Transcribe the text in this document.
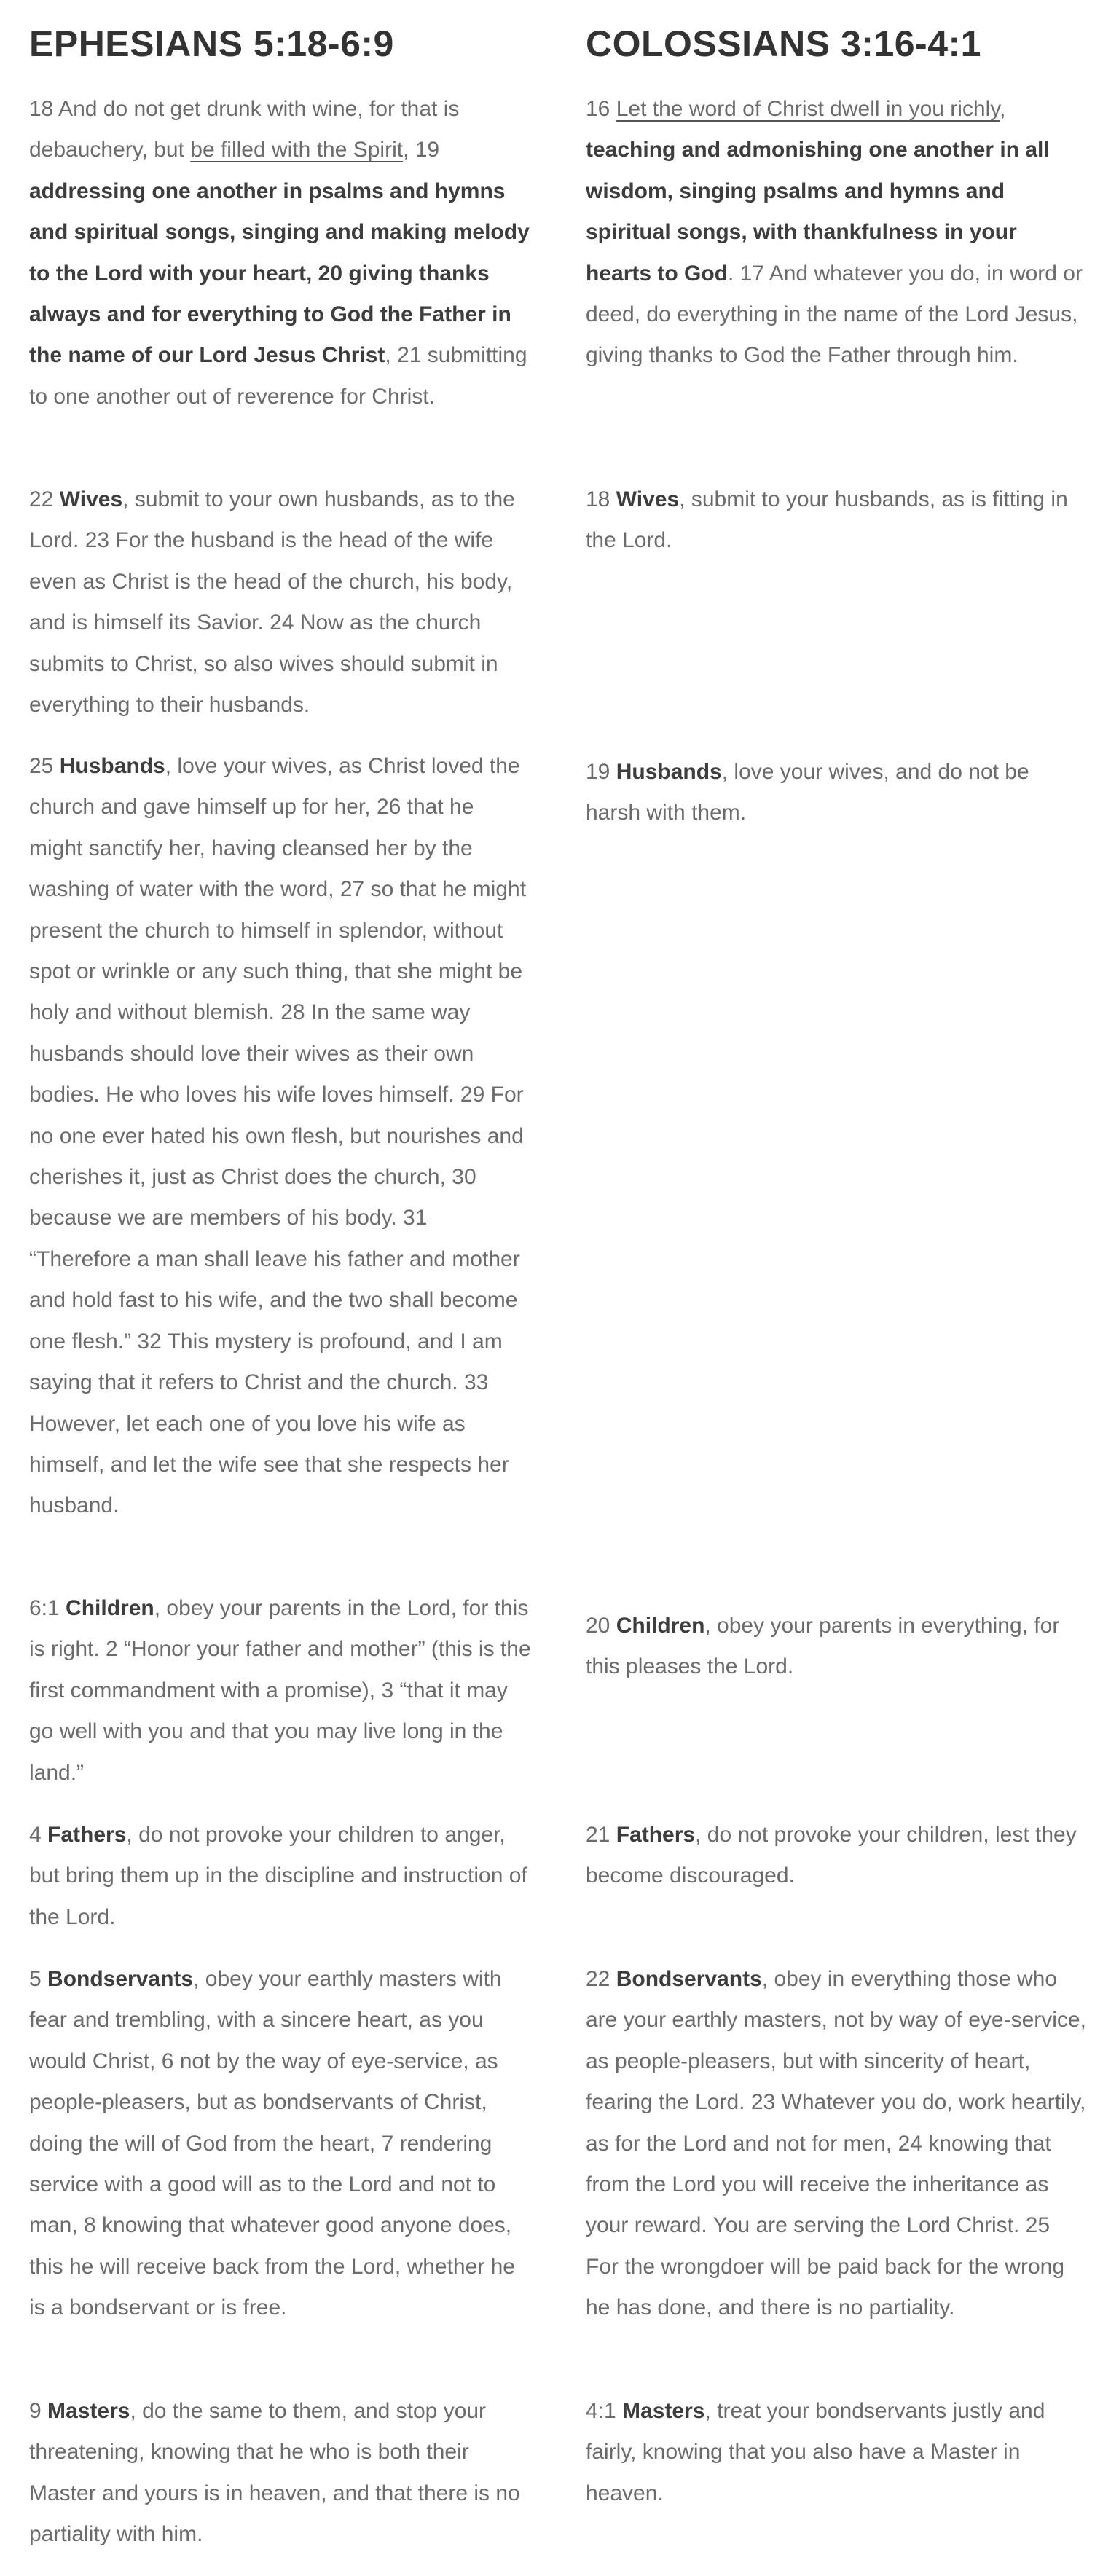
EPHESIANS 5:18-6:9

18 And do not get drunk with wine, for that is debauchery, but be filled with the Spirit, 19 addressing one another in psalms and hymns and spiritual songs, singing and making melody to the Lord with your heart, 20 giving thanks always and for everything to God the Father in the name of our Lord Jesus Christ, 21 submitting to one another out of reverence for Christ.

22 Wives, submit to your own husbands, as to the Lord. 23 For the husband is the head of the wife even as Christ is the head of the church, his body, and is himself its Savior. 24 Now as the church submits to Christ, so also wives should submit in everything to their husbands.

25 Husbands, love your wives, as Christ loved the church and gave himself up for her, 26 that he might sanctify her, having cleansed her by the washing of water with the word, 27 so that he might present the church to himself in splendor, without spot or wrinkle or any such thing, that she might be holy and without blemish. 28 In the same way husbands should love their wives as their own bodies. He who loves his wife loves himself. 29 For no one ever hated his own flesh, but nourishes and cherishes it, just as Christ does the church, 30 because we are members of his body. 31 “Therefore a man shall leave his father and mother and hold fast to his wife, and the two shall become one flesh.” 32 This mystery is profound, and I am saying that it refers to Christ and the church. 33 However, let each one of you love his wife as himself, and let the wife see that she respects her husband.

6:1 Children, obey your parents in the Lord, for this is right. 2 “Honor your father and mother” (this is the first commandment with a promise), 3 “that it may go well with you and that you may live long in the land.”

4 Fathers, do not provoke your children to anger, but bring them up in the discipline and instruction of the Lord.

5 Bondservants, obey your earthly masters with fear and trembling, with a sincere heart, as you would Christ, 6 not by the way of eye-service, as people-pleasers, but as bondservants of Christ, doing the will of God from the heart, 7 rendering service with a good will as to the Lord and not to man, 8 knowing that whatever good anyone does, this he will receive back from the Lord, whether he is a bondservant or is free.

9 Masters, do the same to them, and stop your threatening, knowing that he who is both their Master and yours is in heaven, and that there is no partiality with him.

COLOSSIANS 3:16-4:1

16 Let the word of Christ dwell in you richly, teaching and admonishing one another in all wisdom, singing psalms and hymns and spiritual songs, with thankfulness in your hearts to God. 17 And whatever you do, in word or deed, do everything in the name of the Lord Jesus, giving thanks to God the Father through him.

18 Wives, submit to your husbands, as is fitting in the Lord.

19 Husbands, love your wives, and do not be harsh with them.

20 Children, obey your parents in everything, for this pleases the Lord.

21 Fathers, do not provoke your children, lest they become discouraged.

22 Bondservants, obey in everything those who are your earthly masters, not by way of eye-service, as people-pleasers, but with sincerity of heart, fearing the Lord. 23 Whatever you do, work heartily, as for the Lord and not for men, 24 knowing that from the Lord you will receive the inheritance as your reward. You are serving the Lord Christ. 25 For the wrongdoer will be paid back for the wrong he has done, and there is no partiality.

4:1 Masters, treat your bondservants justly and fairly, knowing that you also have a Master in heaven.
